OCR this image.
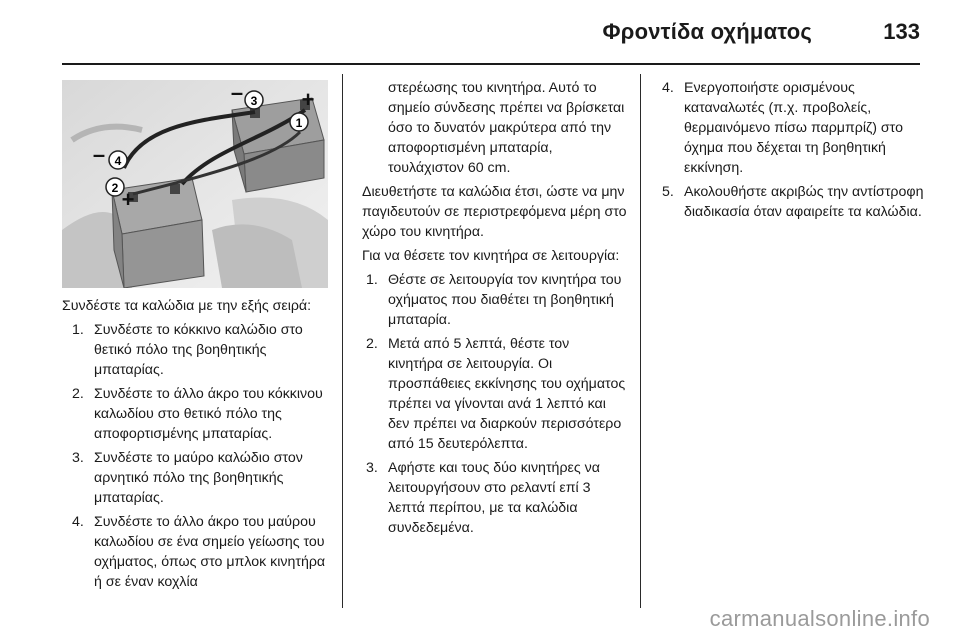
Φροντίδα οχήματος	133
1
+
2 +
3
–
4
–

Συνδέστε τα καλώδια με την εξής σειρά:

1. Συνδέστε το κόκκινο καλώδιο στο θετικό πόλο της βοηθητικής μπαταρίας.
2. Συνδέστε το άλλο άκρο του κόκκινου καλωδίου στο θετικό πόλο της αποφορτισμένης μπαταρίας.
3. Συνδέστε το μαύρο καλώδιο στον αρνητικό πόλο της βοηθητικής μπαταρίας.
4. Συνδέστε το άλλο άκρο του μαύρου καλωδίου σε ένα σημείο γείωσης του οχήματος, όπως στο μπλοκ κινητήρα ή σε έναν κοχλία

στερέωσης του κινητήρα. Αυτό το σημείο σύνδεσης πρέπει να βρίσκεται όσο το δυνατόν μακρύτερα από την αποφορτισμένη μπαταρία, τουλάχιστον 60 cm.

Διευθετήστε τα καλώδια έτσι, ώστε να μην παγιδευτούν σε περιστρεφόμενα μέρη στο χώρο του κινητήρα.

Για να θέσετε τον κινητήρα σε λειτουργία:

1. Θέστε σε λειτουργία τον κινητήρα του οχήματος που διαθέτει τη βοηθητική μπαταρία.
2. Μετά από 5 λεπτά, θέστε τον κινητήρα σε λειτουργία. Οι προσπάθειες εκκίνησης του οχήματος πρέπει να γίνονται ανά 1 λεπτό και δεν πρέπει να διαρκούν περισσότερο από 15 δευτερόλεπτα.
3. Αφήστε και τους δύο κινητήρες να λειτουργήσουν στο ρελαντί επί 3 λεπτά περίπου, με τα καλώδια συνδεδεμένα.
4. Ενεργοποιήστε ορισμένους καταναλωτές (π.χ. προβολείς, θερμαινόμενο πίσω παρμπρίζ) στο όχημα που δέχεται τη βοηθητική εκκίνηση.
5. Ακολουθήστε ακριβώς την αντίστροφη διαδικασία όταν αφαιρείτε τα καλώδια.
carmanualsonline.info
